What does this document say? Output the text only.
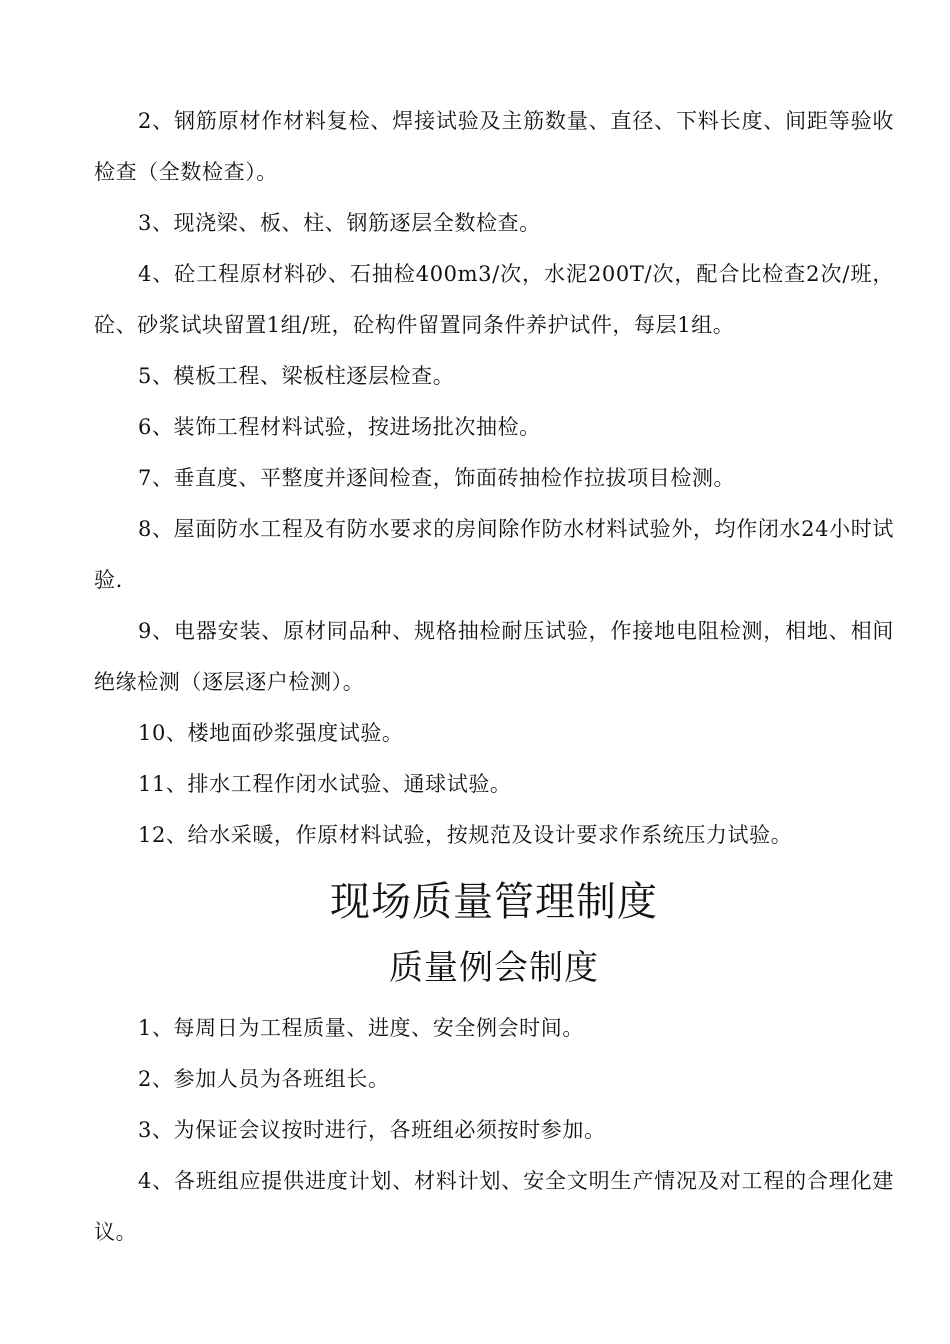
2、钢筋原材作材料复检、焊接试验及主筋数量、直径、下料长度、间距等验收检查（全数检查）。

3、现浇梁、板、柱、钢筋逐层全数检查。

4、砼工程原材料砂、石抽检400m3/次，水泥200T/次，配合比检查2次/班，砼、砂浆试块留置1组/班，砼构件留置同条件养护试件，每层1组。

5、模板工程、梁板柱逐层检查。

6、装饰工程材料试验，按进场批次抽检。

7、垂直度、平整度并逐间检查，饰面砖抽检作拉拔项目检测。

8、屋面防水工程及有防水要求的房间除作防水材料试验外，均作闭水24小时试验.

9、电器安装、原材同品种、规格抽检耐压试验，作接地电阻检测，相地、相间绝缘检测（逐层逐户检测）。

10、楼地面砂浆强度试验。

11、排水工程作闭水试验、通球试验。

12、给水采暖，作原材料试验，按规范及设计要求作系统压力试验。

现场质量管理制度
质量例会制度

1、每周日为工程质量、进度、安全例会时间。

2、参加人员为各班组长。

3、为保证会议按时进行，各班组必须按时参加。

4、各班组应提供进度计划、材料计划、安全文明生产情况及对工程的合理化建议。
